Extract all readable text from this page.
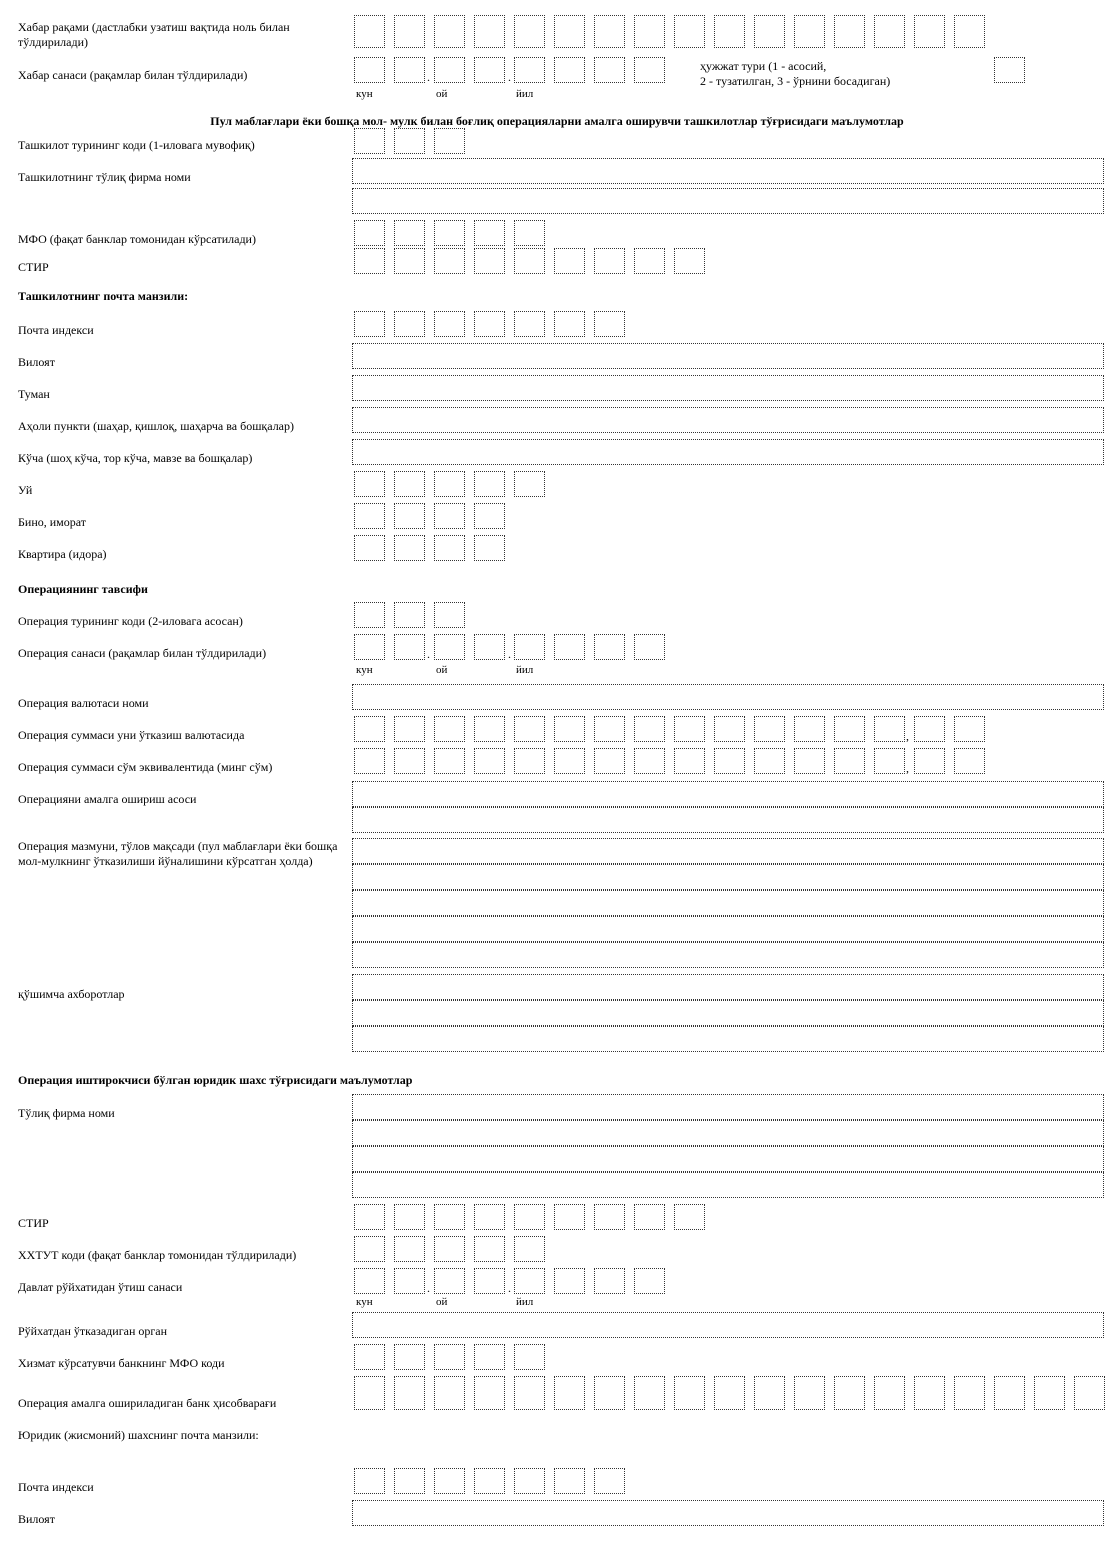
Хабар рақами (дастлабки узатиш вақтида ноль билан тўлдирилади)
Хабар санаси (рақамлар билан тўлдирилади)	.	.
кун	ой	йил
ҳужжат тури (1 - асосий,
2 - тузатилган, 3 - ўрнини босадиган)
Пул маблағлари ёки бошқа мол- мулк билан боғлиқ операцияларни амалга оширувчи ташкилотлар тўғрисидаги маълумотлар
Ташкилот турининг коди (1-иловага мувофиқ)
Ташкилотнинг тўлиқ фирма номи
МФО (фақат банклар томонидан кўрсатилади)
СТИР
Ташкилотнинг почта манзили:
Почта индекси
Вилоят
Туман
Аҳоли пункти (шаҳар, қишлоқ, шаҳарча ва бошқалар)
Кўча (шоҳ кўча, тор кўча, мавзе ва бошқалар)
Уй
Бино, иморат
Квартира (идора)
Операциянинг тавсифи
Операция турининг коди (2-иловага асосан)
Операция санаси (рақамлар билан тўлдирилади)	.	.
кун	ой	йил
Операция валютаси номи
Операция суммаси уни ўтказиш валютасида	,
Операция суммаси сўм эквивалентида (минг сўм)	,
Операцияни амалга ошириш асоси
Операция мазмуни, тўлов мақсади (пул маблағлари ёки бошқа мол-мулкнинг ўтказилиши йўналишини кўрсатган ҳолда)
қўшимча ахборотлар
Операция иштирокчиси бўлган юридик шахс тўғрисидаги маълумотлар
Тўлиқ фирма номи
СТИР
ХХТУТ коди (фақат банклар томонидан тўлдирилади)
Давлат рўйхатидан ўтиш санаси	.	.
кун	ой	йил
Рўйхатдан ўтказадиган орган
Хизмат кўрсатувчи банкнинг МФО коди
Операция амалга ошириладиган банк ҳисобварағи
Юридик (жисмоний) шахснинг почта манзили:
Почта индекси
Вилоят
